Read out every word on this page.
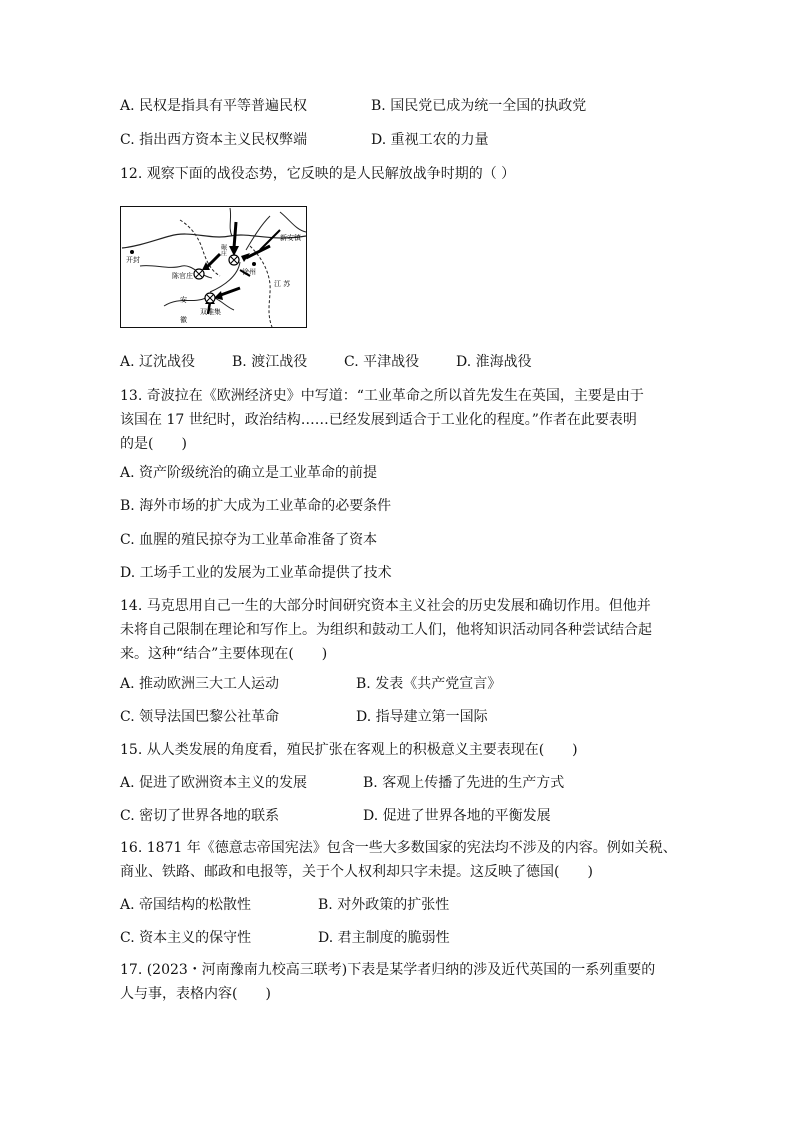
A. 民权是指具有平等普遍民权	B. 国民党已成为统一全国的执政党
C. 指出西方资本主义民权弊端	D. 重视工农的力量
12. 观察下面的战役态势，它反映的是人民解放战争时期的（ ）
开封
碾庄
新安镇
陈官庄	徐州
江 苏
安
徽
双堆集
A. 辽沈战役	B. 渡江战役	C. 平津战役	D. 淮海战役
13. 奇波拉在《欧洲经济史》中写道：“工业革命之所以首先发生在英国，主要是由于
该国在 17 世纪时，政治结构……已经发展到适合于工业化的程度。”作者在此要表明
的是(　　)
A. 资产阶级统治的确立是工业革命的前提
B. 海外市场的扩大成为工业革命的必要条件
C. 血腥的殖民掠夺为工业革命准备了资本
D. 工场手工业的发展为工业革命提供了技术
14. 马克思用自己一生的大部分时间研究资本主义社会的历史发展和确切作用。但他并
未将自己限制在理论和写作上。为组织和鼓动工人们，他将知识活动同各种尝试结合起
来。这种“结合”主要体现在(　　)
A. 推动欧洲三大工人运动	B. 发表《共产党宣言》
C. 领导法国巴黎公社革命	D. 指导建立第一国际
15. 从人类发展的角度看，殖民扩张在客观上的积极意义主要表现在(　　)
A. 促进了欧洲资本主义的发展	B. 客观上传播了先进的生产方式
C. 密切了世界各地的联系	D. 促进了世界各地的平衡发展
16. 1871 年《德意志帝国宪法》包含一些大多数国家的宪法均不涉及的内容。例如关税、
商业、铁路、邮政和电报等，关于个人权利却只字未提。这反映了德国(　　)
A. 帝国结构的松散性	B. 对外政策的扩张性
C. 资本主义的保守性	D. 君主制度的脆弱性
17. (2023・河南豫南九校高三联考)下表是某学者归纳的涉及近代英国的一系列重要的
人与事，表格内容(　　)
